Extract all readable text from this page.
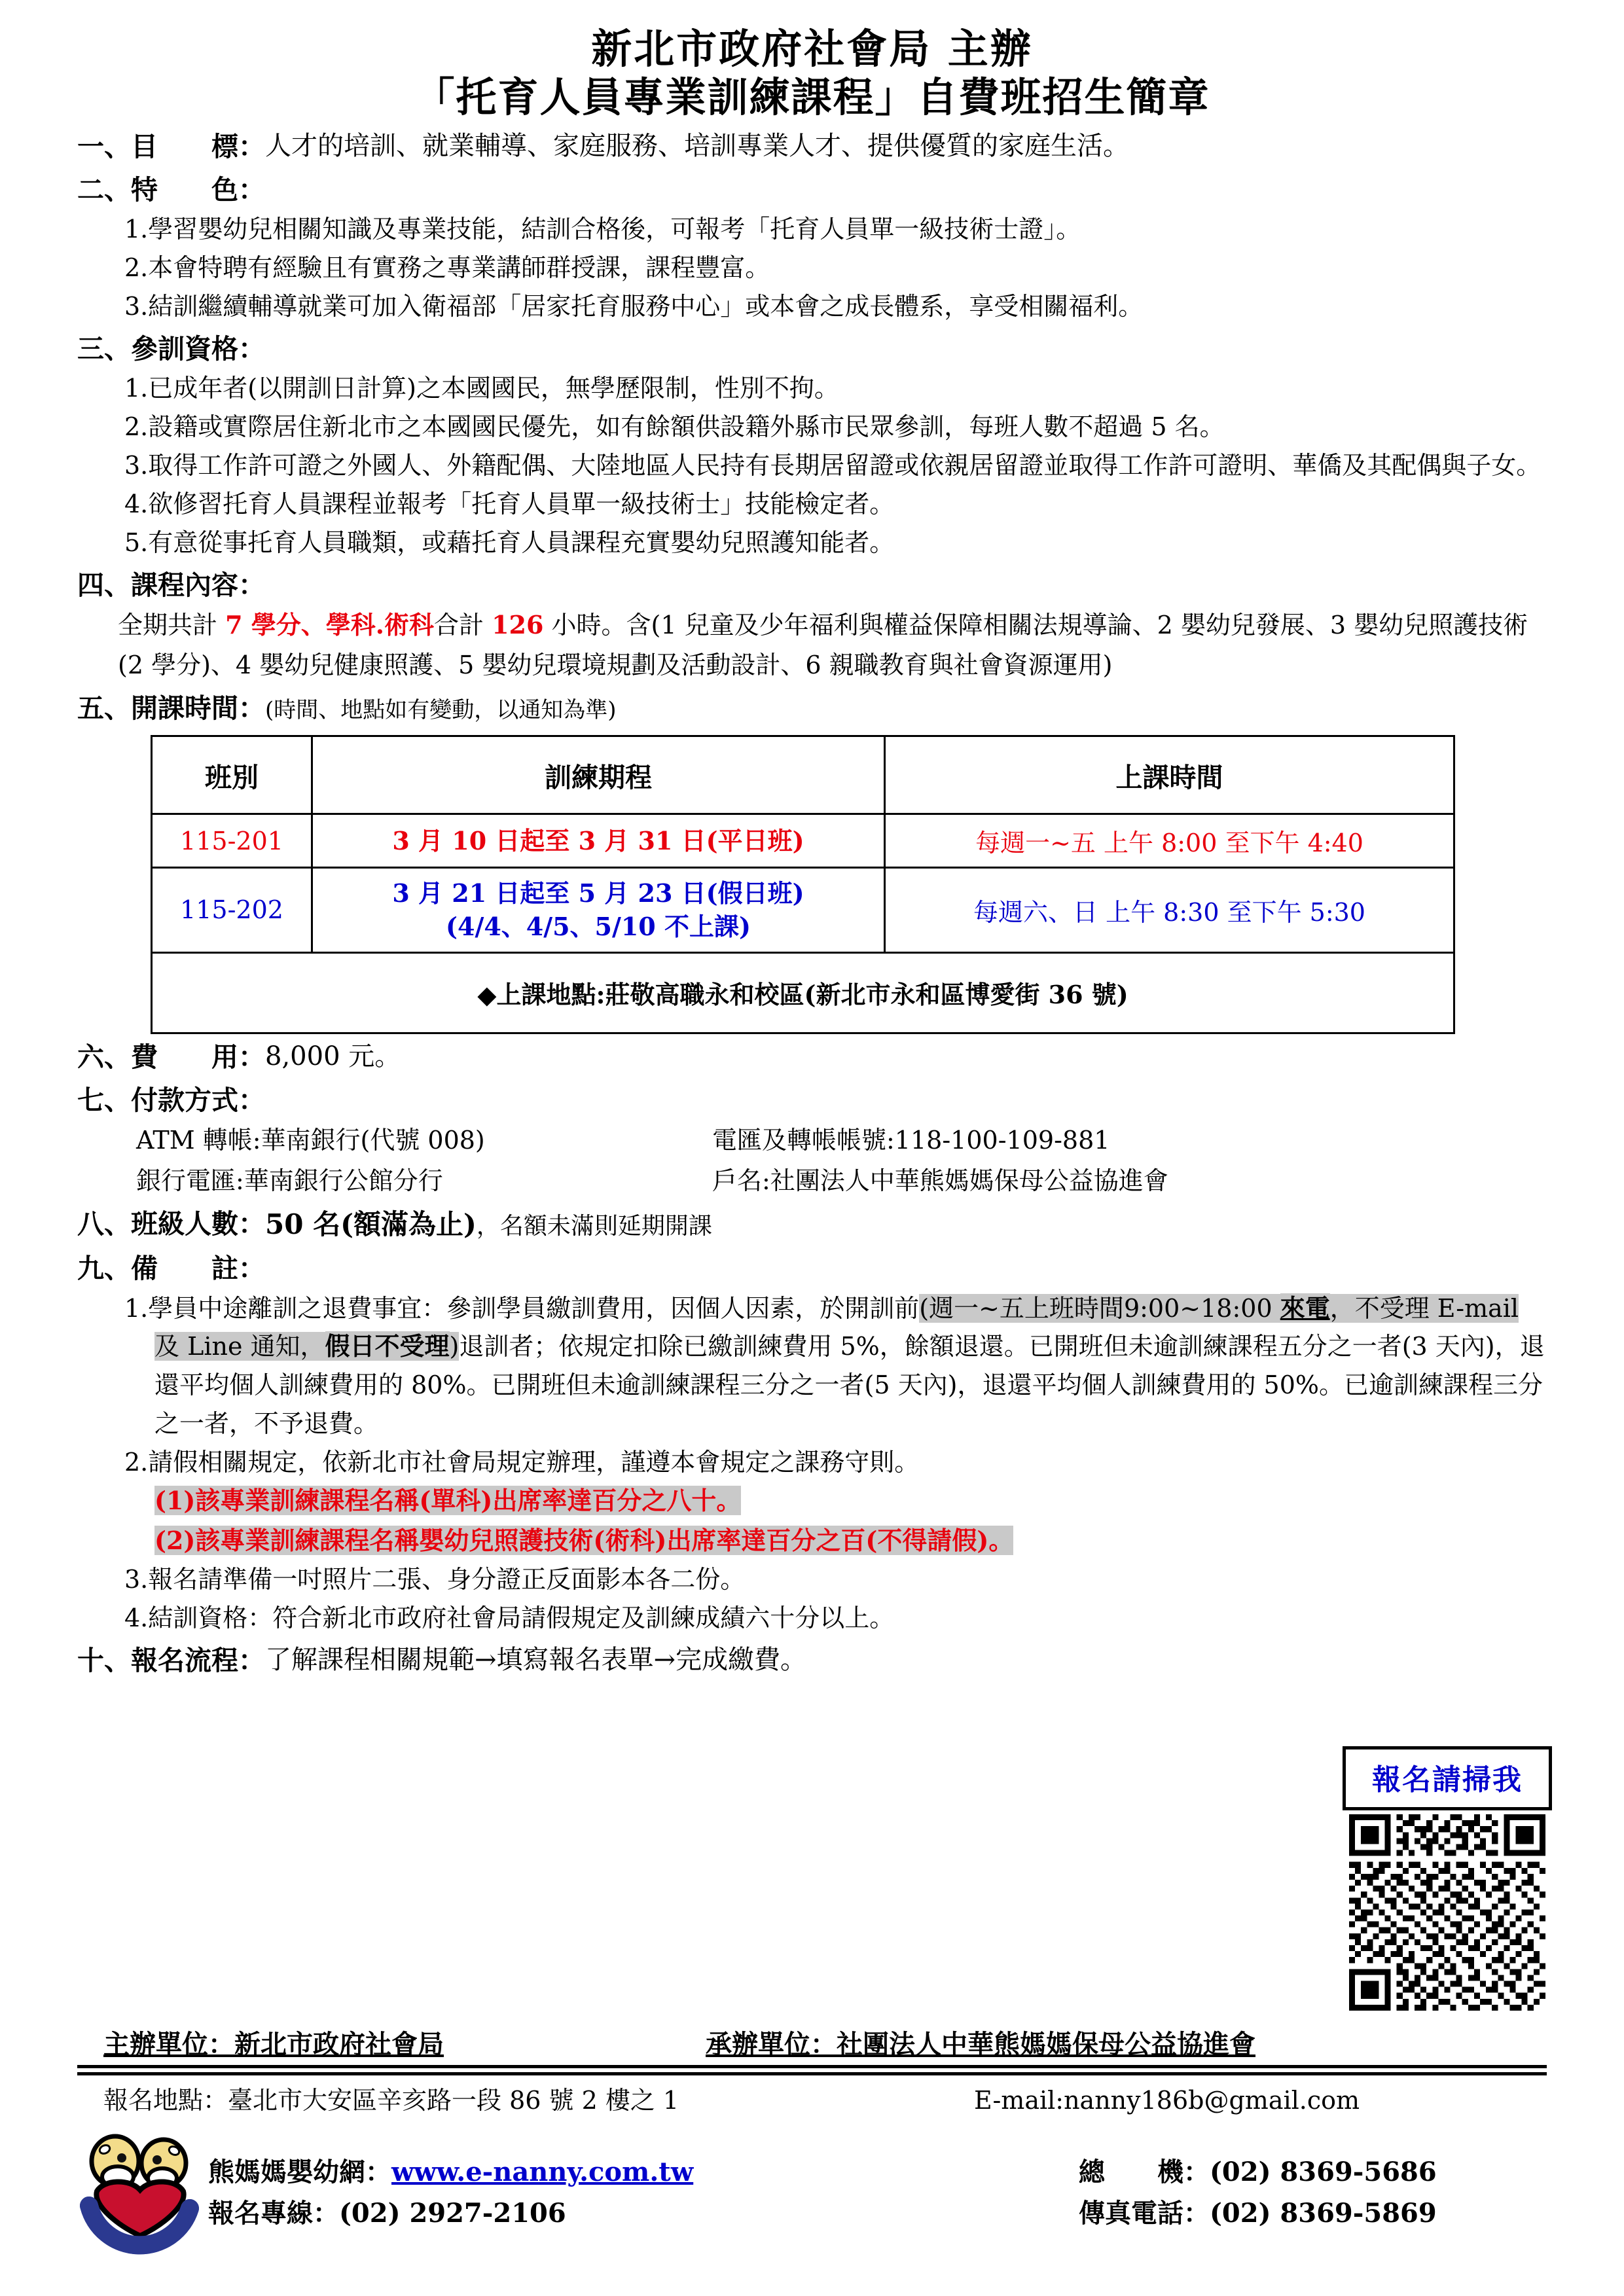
新北市政府社會局 主辦
「托育人員專業訓練課程」自費班招生簡章
一、目　　標： 人才的培訓、就業輔導、家庭服務、培訓專業人才、提供優質的家庭生活。
二、特　　色：
1.學習嬰幼兒相關知識及專業技能，結訓合格後，可報考「托育人員單一級技術士證」。
2.本會特聘有經驗且有實務之專業講師群授課，課程豐富。
3.結訓繼續輔導就業可加入衛福部「居家托育服務中心」或本會之成長體系，享受相關福利。
三、參訓資格：
1.已成年者(以開訓日計算)之本國國民，無學歷限制，性別不拘。
2.設籍或實際居住新北市之本國國民優先，如有餘額供設籍外縣市民眾參訓，每班人數不超過 5 名。
3.取得工作許可證之外國人、外籍配偶、大陸地區人民持有長期居留證或依親居留證並取得工作許可證明、華僑及其配偶與子女。
4.欲修習托育人員課程並報考「托育人員單一級技術士」技能檢定者。
5.有意從事托育人員職類，或藉托育人員課程充實嬰幼兒照護知能者。
四、課程內容：
全期共計 7 學分、學科.術科合計 126 小時。含(1 兒童及少年福利與權益保障相關法規導論、2 嬰幼兒發展、3 嬰幼兒照護技術(2 學分)、4 嬰幼兒健康照護、5 嬰幼兒環境規劃及活動設計、6 親職教育與社會資源運用)
五、開課時間：(時間、地點如有變動，以通知為準)
班別	訓練期程	上課時間
115-201	3 月 10 日起至 3 月 31 日(平日班)	每週一~五 上午 8:00 至下午 4:40
115-202	3 月 21 日起至 5 月 23 日(假日班)
(4/4、4/5、5/10 不上課)	每週六、日 上午 8:30 至下午 5:30
◆上課地點:莊敬高職永和校區(新北市永和區博愛街 36 號)		
六、費　　用： 8,000 元。
七、付款方式：
ATM 轉帳:華南銀行(代號 008)	電匯及轉帳帳號:118-100-109-881
銀行電匯:華南銀行公館分行	戶名:社團法人中華熊媽媽保母公益協進會
八、班級人數： 50 名(額滿為止)，名額未滿則延期開課
九、備　　註：
1.學員中途離訓之退費事宜：參訓學員繳訓費用，因個人因素，於開訓前(週一~五上班時間9:00~18:00 來電，不受理 E-mail 及 Line 通知，假日不受理)退訓者；依規定扣除已繳訓練費用 5%，餘額退還。已開班但未逾訓練課程五分之一者(3 天內)，退還平均個人訓練費用的 80%。已開班但未逾訓練課程三分之一者(5 天內)，退還平均個人訓練費用的 50%。已逾訓練課程三分之一者，不予退費。
2.請假相關規定，依新北市社會局規定辦理，謹遵本會規定之課務守則。
(1)該專業訓練課程名稱(單科)出席率達百分之八十。
(2)該專業訓練課程名稱嬰幼兒照護技術(術科)出席率達百分之百(不得請假)。
3.報名請準備一吋照片二張、身分證正反面影本各二份。
4.結訓資格：符合新北市政府社會局請假規定及訓練成績六十分以上。
十、報名流程： 了解課程相關規範→填寫報名表單→完成繳費。
報名請掃我
主辦單位：新北市政府社會局	承辦單位：社團法人中華熊媽媽保母公益協進會
報名地點：臺北市大安區辛亥路一段 86 號 2 樓之 1	E-mail:nanny186b@gmail.com
熊媽媽嬰幼網：www.e-nanny.com.tw	總　　機：(02) 8369-5686
報名專線：(02) 2927-2106	傳真電話：(02) 8369-5869
